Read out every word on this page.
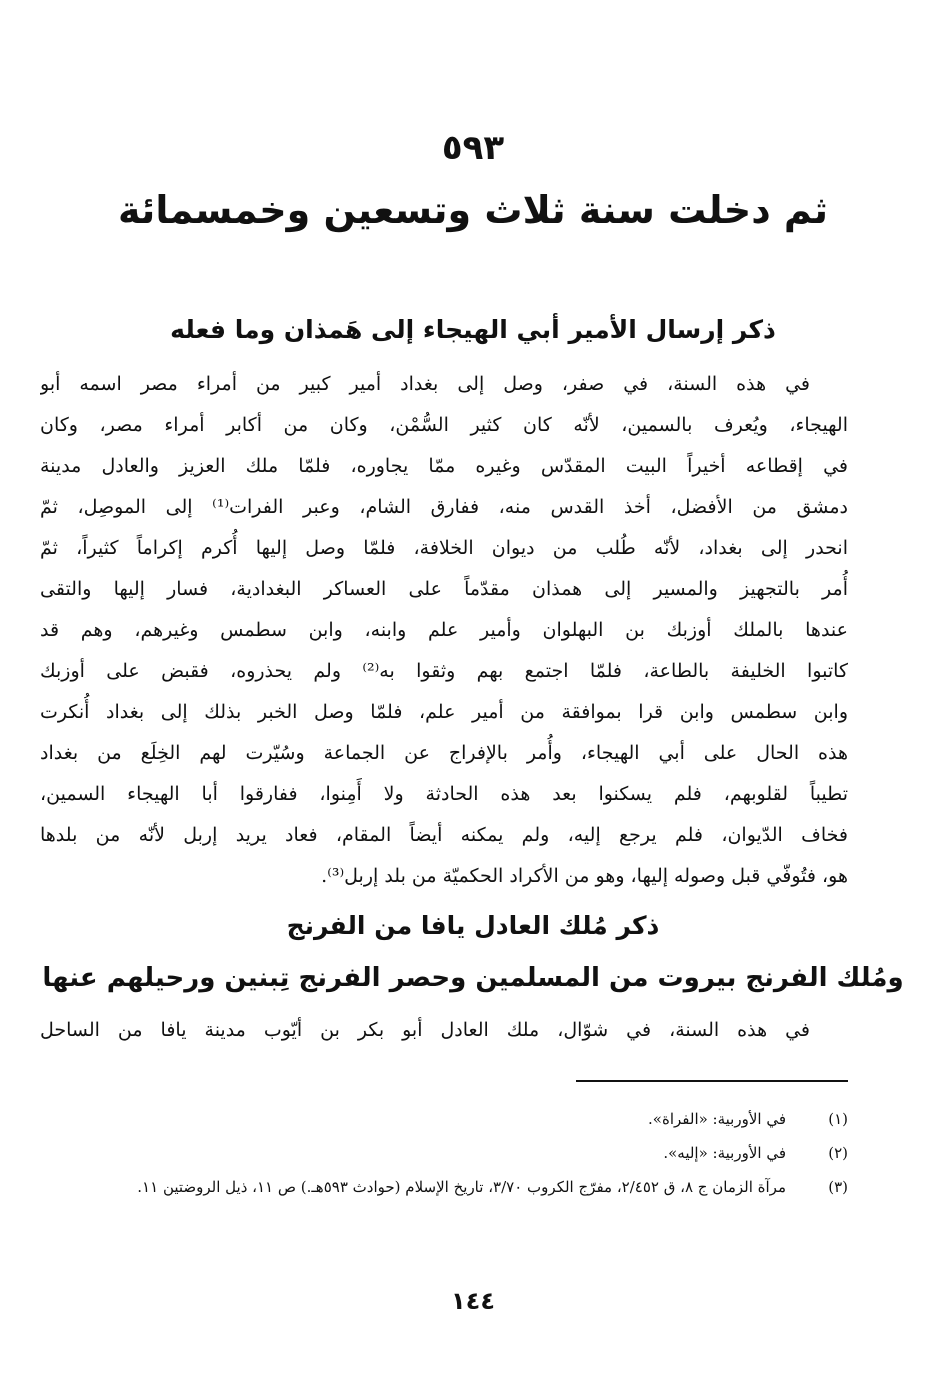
٥٩٣
ثم دخلت سنة ثلاث وتسعين وخمسمائة
ذكر إرسال الأمير أبي الهيجاء إلى هَمذان وما فعله
في هذه السنة، في صفر، وصل إلى بغداد أمير كبير من أمراء مصر اسمه أبو
الهيجاء، ويُعرف بالسمين، لأنّه كان كثير السُّمْن، وكان من أكابر أمراء مصر، وكان
في إقطاعه أخيراً البيت المقدّس وغيره ممّا يجاوره، فلمّا ملك العزيز والعادل مدينة
دمشق من الأفضل، أخذ القدس منه، ففارق الشام، وعبر الفرات⁽¹⁾ إلى الموصِل، ثمّ
انحدر إلى بغداد، لأنّه طُلب من ديوان الخلافة، فلمّا وصل إليها أُكرم إكراماً كثيراً، ثمّ
أُمر بالتجهيز والمسير إلى همذان مقدّماً على العساكر البغدادية، فسار إليها والتقى
عندها بالملك أوزبك بن البهلوان وأمير علم وابنه، وابن سطمس وغيرهم، وهم قد
كاتبوا الخليفة بالطاعة، فلمّا اجتمع بهم وثقوا به⁽²⁾ ولم يحذروه، فقبض على أوزبك
وابن سطمس وابن قرا بموافقة من أمير علم، فلمّا وصل الخبر بذلك إلى بغداد أُنكرت
هذه الحال على أبي الهيجاء، وأُمر بالإفراج عن الجماعة وسُيّرت لهم الخِلَع من بغداد
تطيباً لقلوبهم، فلم يسكنوا بعد هذه الحادثة ولا أَمِنوا، ففارقوا أبا الهيجاء السمين،
فخاف الدّيوان، فلم يرجع إليه، ولم يمكنه أيضاً المقام، فعاد يريد إربل لأنّه من بلدها
هو، فتُوفّي قبل وصوله إليها، وهو من الأكراد الحكميّة من بلد إربل⁽³⁾.
ذكر مُلك العادل يافا من الفرنج
ومُلك الفرنج بيروت من المسلمين وحصر الفرنج تِبنين ورحيلهم عنها
في هذه السنة، في شوّال، ملك العادل أبو بكر بن أيّوب مدينة يافا من الساحل
(١)
في الأوربية: «الفراة».
(٢)
في الأوربية: «إليه».
(٣)
مرآة الزمان ج ٨، ق ٢/٤٥٢، مفرّج الكروب ٣/٧٠، تاريخ الإسلام (حوادث ٥٩٣هـ.) ص ١١، ذيل الروضتين ١١.
١٤٤
